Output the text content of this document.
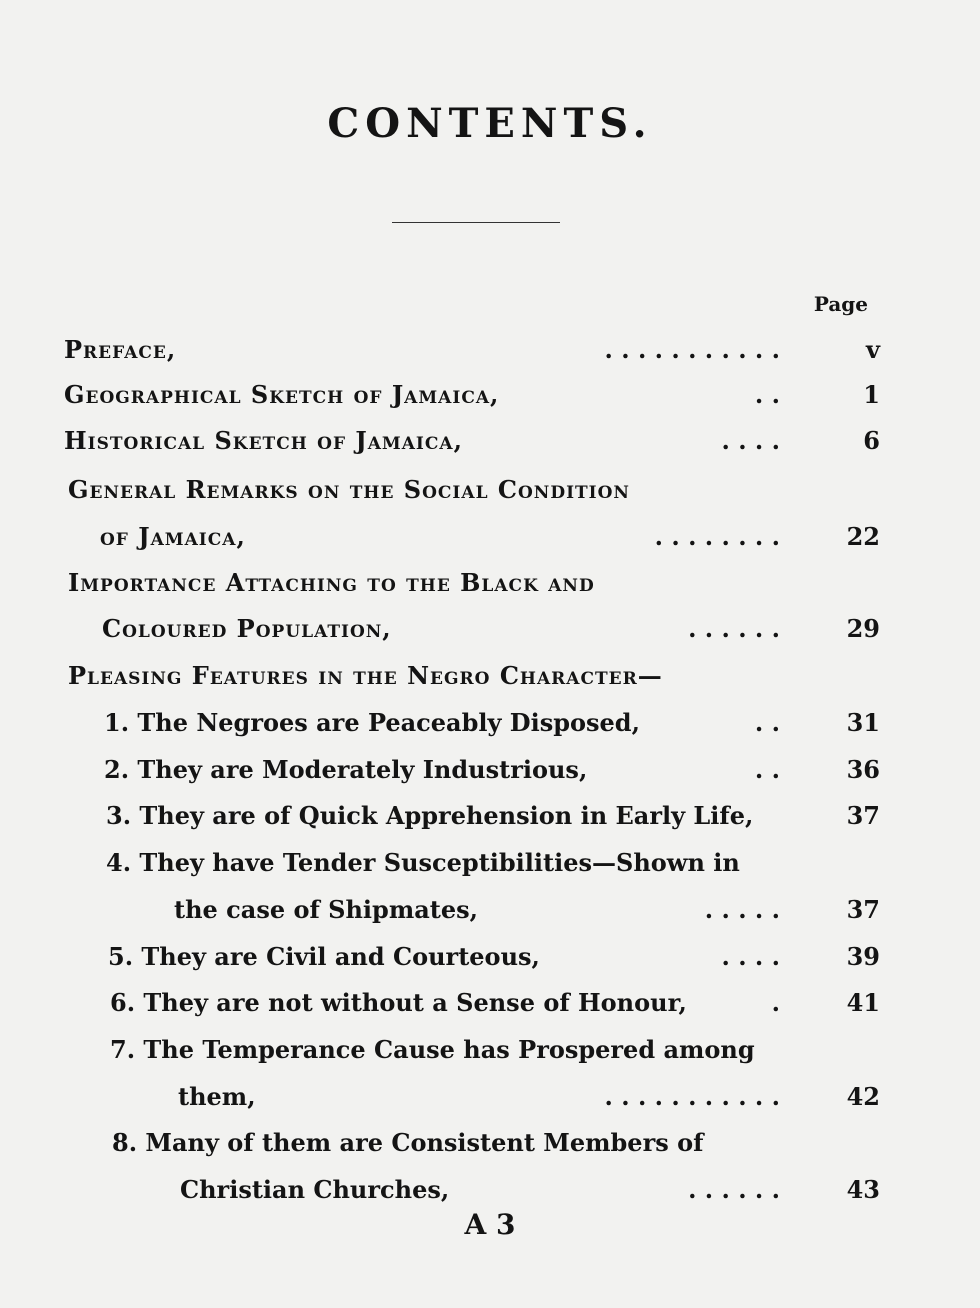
CONTENTS.
Page
Preface,	. . . . . . . . . . .	v
Geographical Sketch of Jamaica,	. .	1
Historical Sketch of Jamaica,	. . . .	6
General Remarks on the Social Condition
of Jamaica,	. . . . . . . .	22
Importance Attaching to the Black and
Coloured Population,	. . . . . .	29
Pleasing Features in the Negro Character—
1. The Negroes are Peaceably Disposed,	. .	31
2. They are Moderately Industrious,	. .	36
3. They are of Quick Apprehension in Early Life,	37
4. They have Tender Susceptibilities—Shown in
the case of Shipmates,	. . . . .	37
5. They are Civil and Courteous,	. . . .	39
6. They are not without a Sense of Honour,	.	41
7. The Temperance Cause has Prospered among
them,	. . . . . . . . . . .	42
8. Many of them are Consistent Members of
Christian Churches,	. . . . . .	43
A 3
